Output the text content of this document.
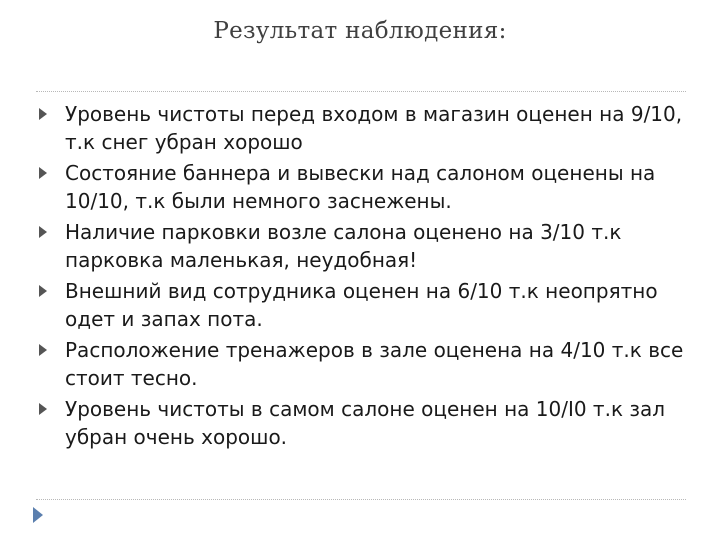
Результат наблюдения:
Уровень чистоты перед входом в магазин оценен на 9/10, т.к снег убран хорошо
Состояние баннера и вывески над салоном оценены на 10/10, т.к были немного заснежены.
Наличие парковки возле салона оценено на 3/10 т.к парковка маленькая, неудобная!
Внешний вид сотрудника оценен на 6/10 т.к неопрятно одет и запах пота.
Расположение тренажеров в зале оценена на 4/10 т.к все стоит тесно.
Уровень чистоты в самом салоне оценен на 10/I0 т.к зал убран очень хорошо.
